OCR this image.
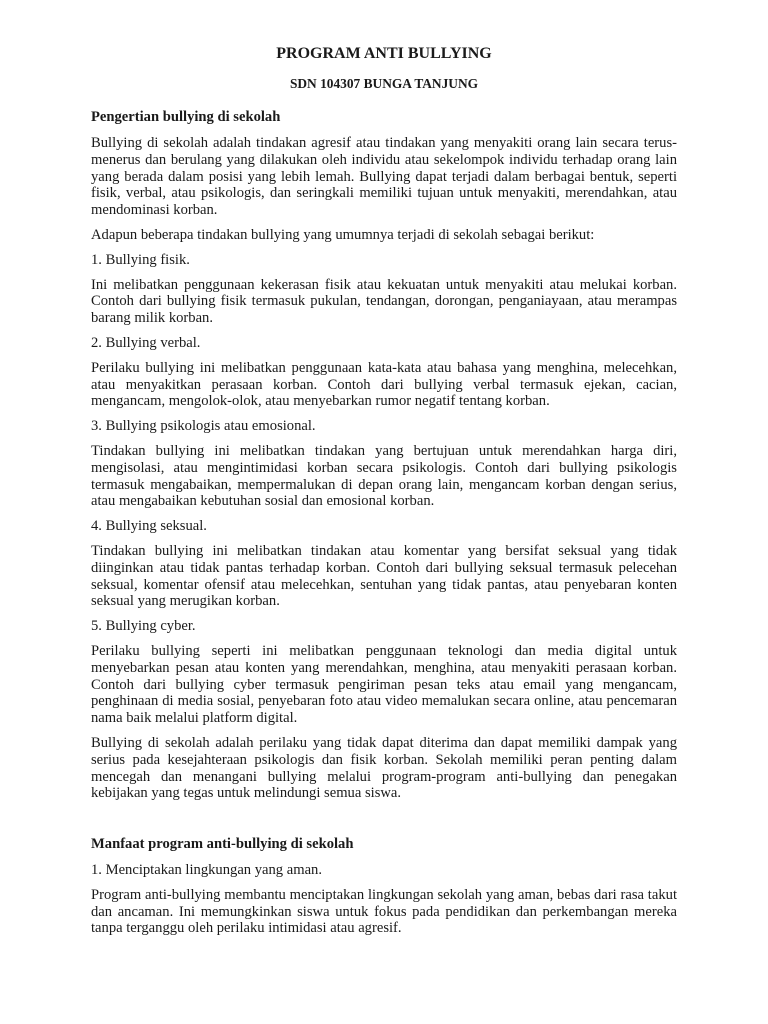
PROGRAM ANTI BULLYING
SDN 104307 BUNGA TANJUNG

Pengertian bullying di sekolah

Bullying di sekolah adalah tindakan agresif atau tindakan yang menyakiti orang lain secara terus-menerus dan berulang yang dilakukan oleh individu atau sekelompok individu terhadap orang lain yang berada dalam posisi yang lebih lemah. Bullying dapat terjadi dalam berbagai bentuk, seperti fisik, verbal, atau psikologis, dan seringkali memiliki tujuan untuk menyakiti, merendahkan, atau mendominasi korban.

Adapun beberapa tindakan bullying yang umumnya terjadi di sekolah sebagai berikut:

1. Bullying fisik.

Ini melibatkan penggunaan kekerasan fisik atau kekuatan untuk menyakiti atau melukai korban. Contoh dari bullying fisik termasuk pukulan, tendangan, dorongan, penganiayaan, atau merampas barang milik korban.

2. Bullying verbal.

Perilaku bullying ini melibatkan penggunaan kata-kata atau bahasa yang menghina, melecehkan, atau menyakitkan perasaan korban. Contoh dari bullying verbal termasuk ejekan, cacian, mengancam, mengolok-olok, atau menyebarkan rumor negatif tentang korban.

3. Bullying psikologis atau emosional.

Tindakan bullying ini melibatkan tindakan yang bertujuan untuk merendahkan harga diri, mengisolasi, atau mengintimidasi korban secara psikologis. Contoh dari bullying psikologis termasuk mengabaikan, mempermalukan di depan orang lain, mengancam korban dengan serius, atau mengabaikan kebutuhan sosial dan emosional korban.

4. Bullying seksual.

Tindakan bullying ini melibatkan tindakan atau komentar yang bersifat seksual yang tidak diinginkan atau tidak pantas terhadap korban. Contoh dari bullying seksual termasuk pelecehan seksual, komentar ofensif atau melecehkan, sentuhan yang tidak pantas, atau penyebaran konten seksual yang merugikan korban.

5. Bullying cyber.

Perilaku bullying seperti ini melibatkan penggunaan teknologi dan media digital untuk menyebarkan pesan atau konten yang merendahkan, menghina, atau menyakiti perasaan korban. Contoh dari bullying cyber termasuk pengiriman pesan teks atau email yang mengancam, penghinaan di media sosial, penyebaran foto atau video memalukan secara online, atau pencemaran nama baik melalui platform digital.

Bullying di sekolah adalah perilaku yang tidak dapat diterima dan dapat memiliki dampak yang serius pada kesejahteraan psikologis dan fisik korban. Sekolah memiliki peran penting dalam mencegah dan menangani bullying melalui program-program anti-bullying dan penegakan kebijakan yang tegas untuk melindungi semua siswa.

Manfaat program anti-bullying di sekolah

1. Menciptakan lingkungan yang aman.

Program anti-bullying membantu menciptakan lingkungan sekolah yang aman, bebas dari rasa takut dan ancaman. Ini memungkinkan siswa untuk fokus pada pendidikan dan perkembangan mereka tanpa terganggu oleh perilaku intimidasi atau agresif.
